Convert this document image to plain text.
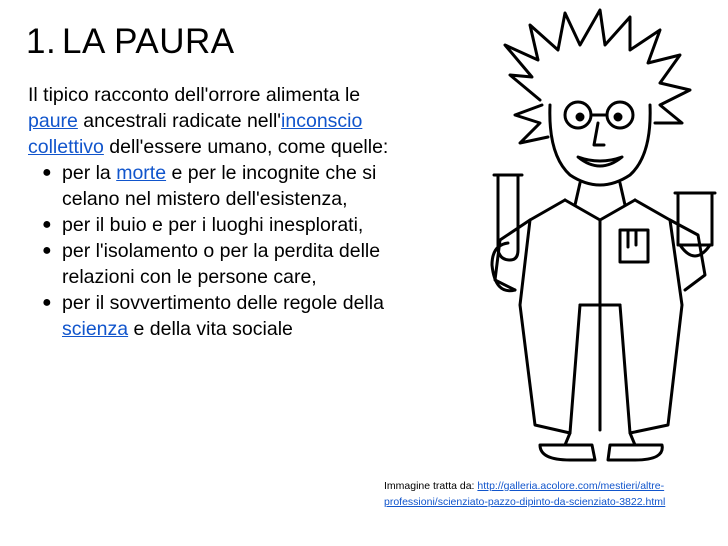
1. LA PAURA

Il tipico racconto dell'orrore alimenta le paure ancestrali radicate nell'inconscio collettivo dell'essere umano, come quelle:

● per la morte e per le incognite che si celano nel mistero dell'esistenza,
● per il buio e per i luoghi inesplorati,
● per l'isolamento o per la perdita delle relazioni con le persone care,
● per il sovvertimento delle regole della scienza e della vita sociale
Immagine tratta da: http://galleria.acolore.com/mestieri/altre-professioni/scienziato-pazzo-dipinto-da-scienziato-3822.html
